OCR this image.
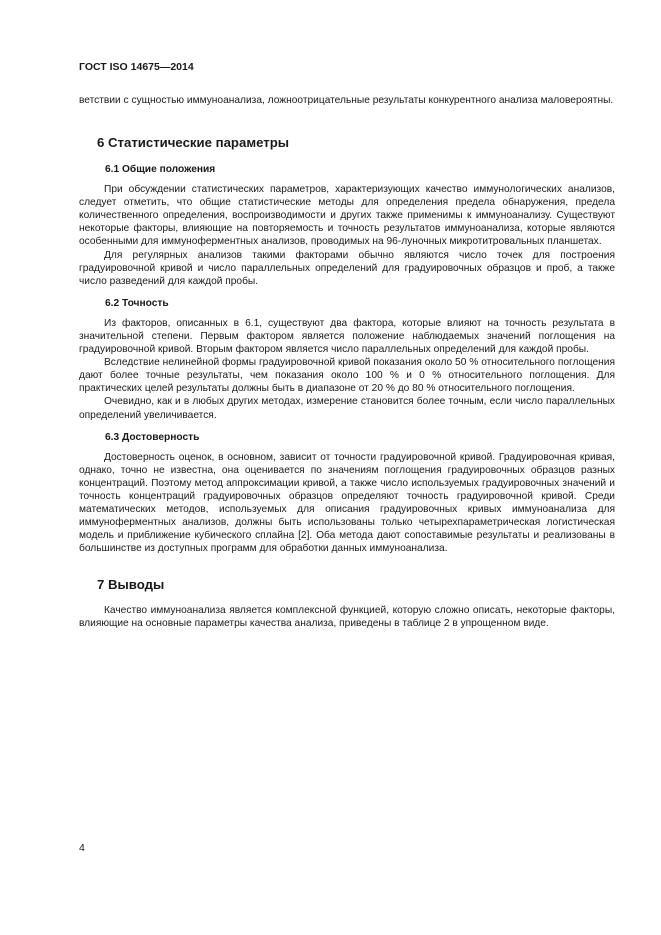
ГОСТ ISO 14675—2014

ветствии с сущностью иммуноанализа, ложноотрицательные результаты конкурентного анализа маловероятны.

6 Статистические параметры
6.1 Общие положения

При обсуждении статистических параметров, характеризующих качество иммунологических анализов, следует отметить, что общие статистические методы для определения предела обнаружения, предела количественного определения, воспроизводимости и других также применимы к иммуноанализу. Существуют некоторые факторы, влияющие на повторяемость и точность результатов иммуноанализа, которые являются особенными для иммуноферментных анализов, проводимых на 96-луночных микротитровальных планшетах.

Для регулярных анализов такими факторами обычно являются число точек для построения градуировочной кривой и число параллельных определений для градуировочных образцов и проб, а также число разведений для каждой пробы.

6.2 Точность

Из факторов, описанных в 6.1, существуют два фактора, которые влияют на точность результата в значительной степени. Первым фактором является положение наблюдаемых значений поглощения на градуировочной кривой. Вторым фактором является число параллельных определений для каждой пробы.

Вследствие нелинейной формы градуировочной кривой показания около 50 % относительного поглощения дают более точные результаты, чем показания около 100 % и 0 % относительного поглощения. Для практических целей результаты должны быть в диапазоне от 20 % до 80 % относительного поглощения.

Очевидно, как и в любых других методах, измерение становится более точным, если число параллельных определений увеличивается.

6.3 Достоверность

Достоверность оценок, в основном, зависит от точности градуировочной кривой. Градуировочная кривая, однако, точно не известна, она оценивается по значениям поглощения градуировочных образцов разных концентраций. Поэтому метод аппроксимации кривой, а также число используемых градуировочных значений и точность концентраций градуировочных образцов определяют точность градуировочной кривой. Среди математических методов, используемых для описания градуировочных кривых иммуноанализа для иммуноферментных анализов, должны быть использованы только четырехпараметрическая логистическая модель и приближение кубического сплайна [2]. Оба метода дают сопоставимые результаты и реализованы в большинстве из доступных программ для обработки данных иммуноанализа.

7 Выводы

Качество иммуноанализа является комплексной функцией, которую сложно описать, некоторые факторы, влияющие на основные параметры качества анализа, приведены в таблице 2 в упрощенном виде.

4
